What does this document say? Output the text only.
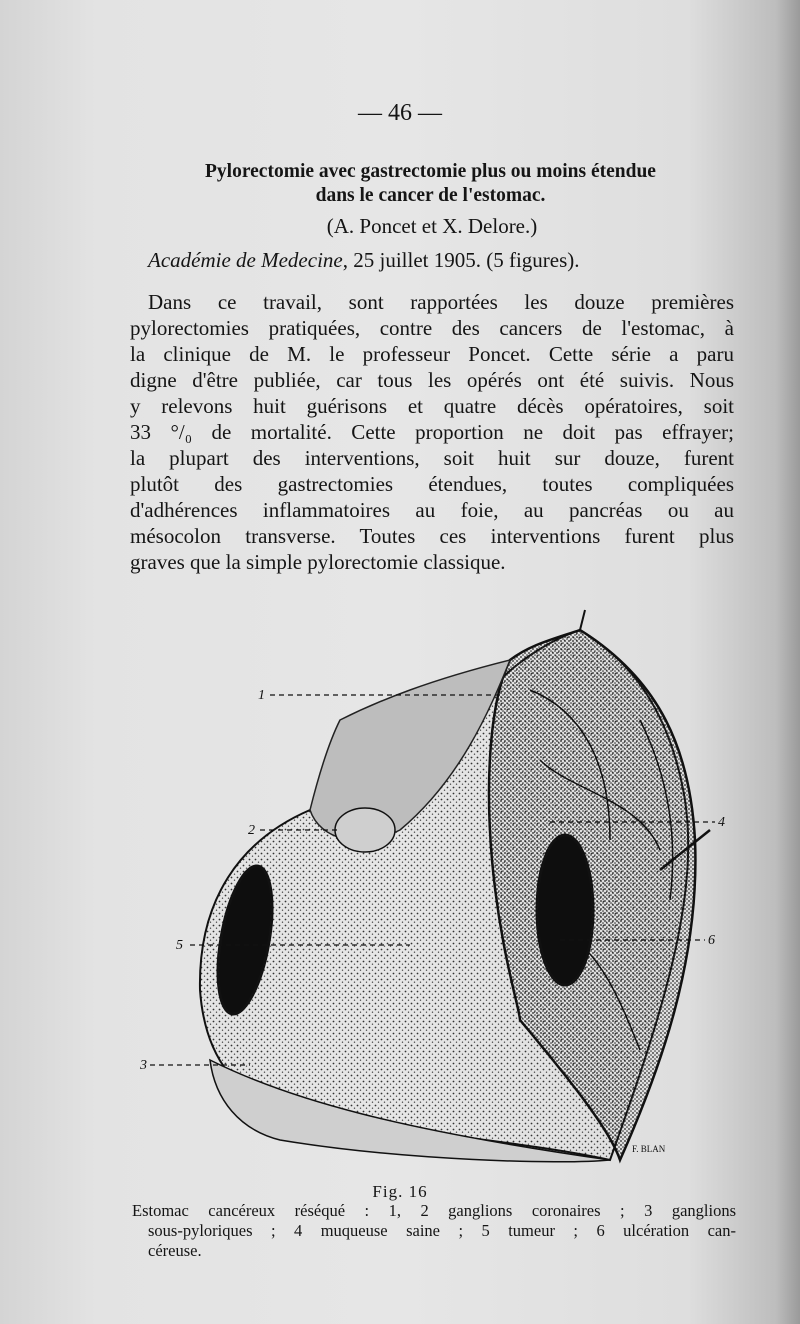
— 46 —
Pylorectomie avec gastrectomie plus ou moins étendue
dans le cancer de l'estomac.
(A. Poncet et X. Delore.)
Académie de Medecine, 25 juillet 1905. (5 figures).
Dans ce travail, sont rapportées les douze premières
pylorectomies pratiquées, contre des cancers de l'estomac, à
la clinique de M. le professeur Poncet. Cette série a paru
digne d'être publiée, car tous les opérés ont été suivis. Nous
y relevons huit guérisons et quatre décès opératoires, soit
33 °/₀ de mortalité. Cette proportion ne doit pas effrayer;
la plupart des interventions, soit huit sur douze, furent
plutôt des gastrectomies étendues, toutes compliquées
d'adhérences inflammatoires au foie, au pancréas ou au
mésocolon transverse. Toutes ces interventions furent plus
graves que la simple pylorectomie classique.
1
2
3
4
5	6
F. BLAN
Fig. 16
Estomac cancéreux réséqué : 1, 2 ganglions coronaires ; 3 ganglions
sous-pyloriques ; 4 muqueuse saine ; 5 tumeur ; 6 ulcération can-
céreuse.
